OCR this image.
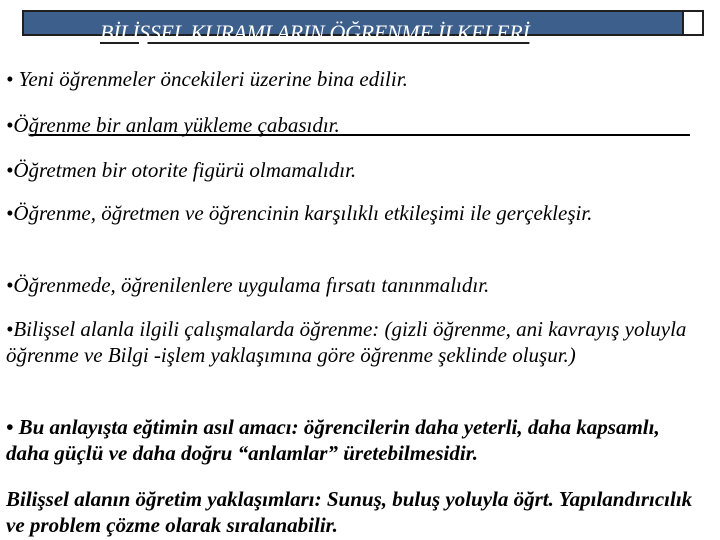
BİLİŞSEL KURAMLARIN ÖĞRENME İLKELERİ

• Yeni öğrenmeler öncekileri üzerine bina edilir.

•Öğrenme bir anlam yükleme çabasıdır.

•Öğretmen bir otorite figürü olmamalıdır.

•Öğrenme, öğretmen ve öğrencinin karşılıklı etkileşimi ile gerçekleşir.

•Öğrenmede, öğrenilenlere uygulama fırsatı tanınmalıdır.

•Bilişsel alanla ilgili çalışmalarda öğrenme: (gizli öğrenme, ani kavrayış yoluyla öğrenme ve Bilgi -işlem yaklaşımına göre öğrenme şeklinde oluşur.)

• Bu anlayışta eğtimin asıl amacı: öğrencilerin daha yeterli, daha kapsamlı, daha güçlü ve daha doğru “anlamlar” üretebilmesidir.

Bilişsel alanın öğretim yaklaşımları: Sunuş, buluş yoluyla öğrt. Yapılandırıcılık ve problem çözme olarak sıralanabilir.
